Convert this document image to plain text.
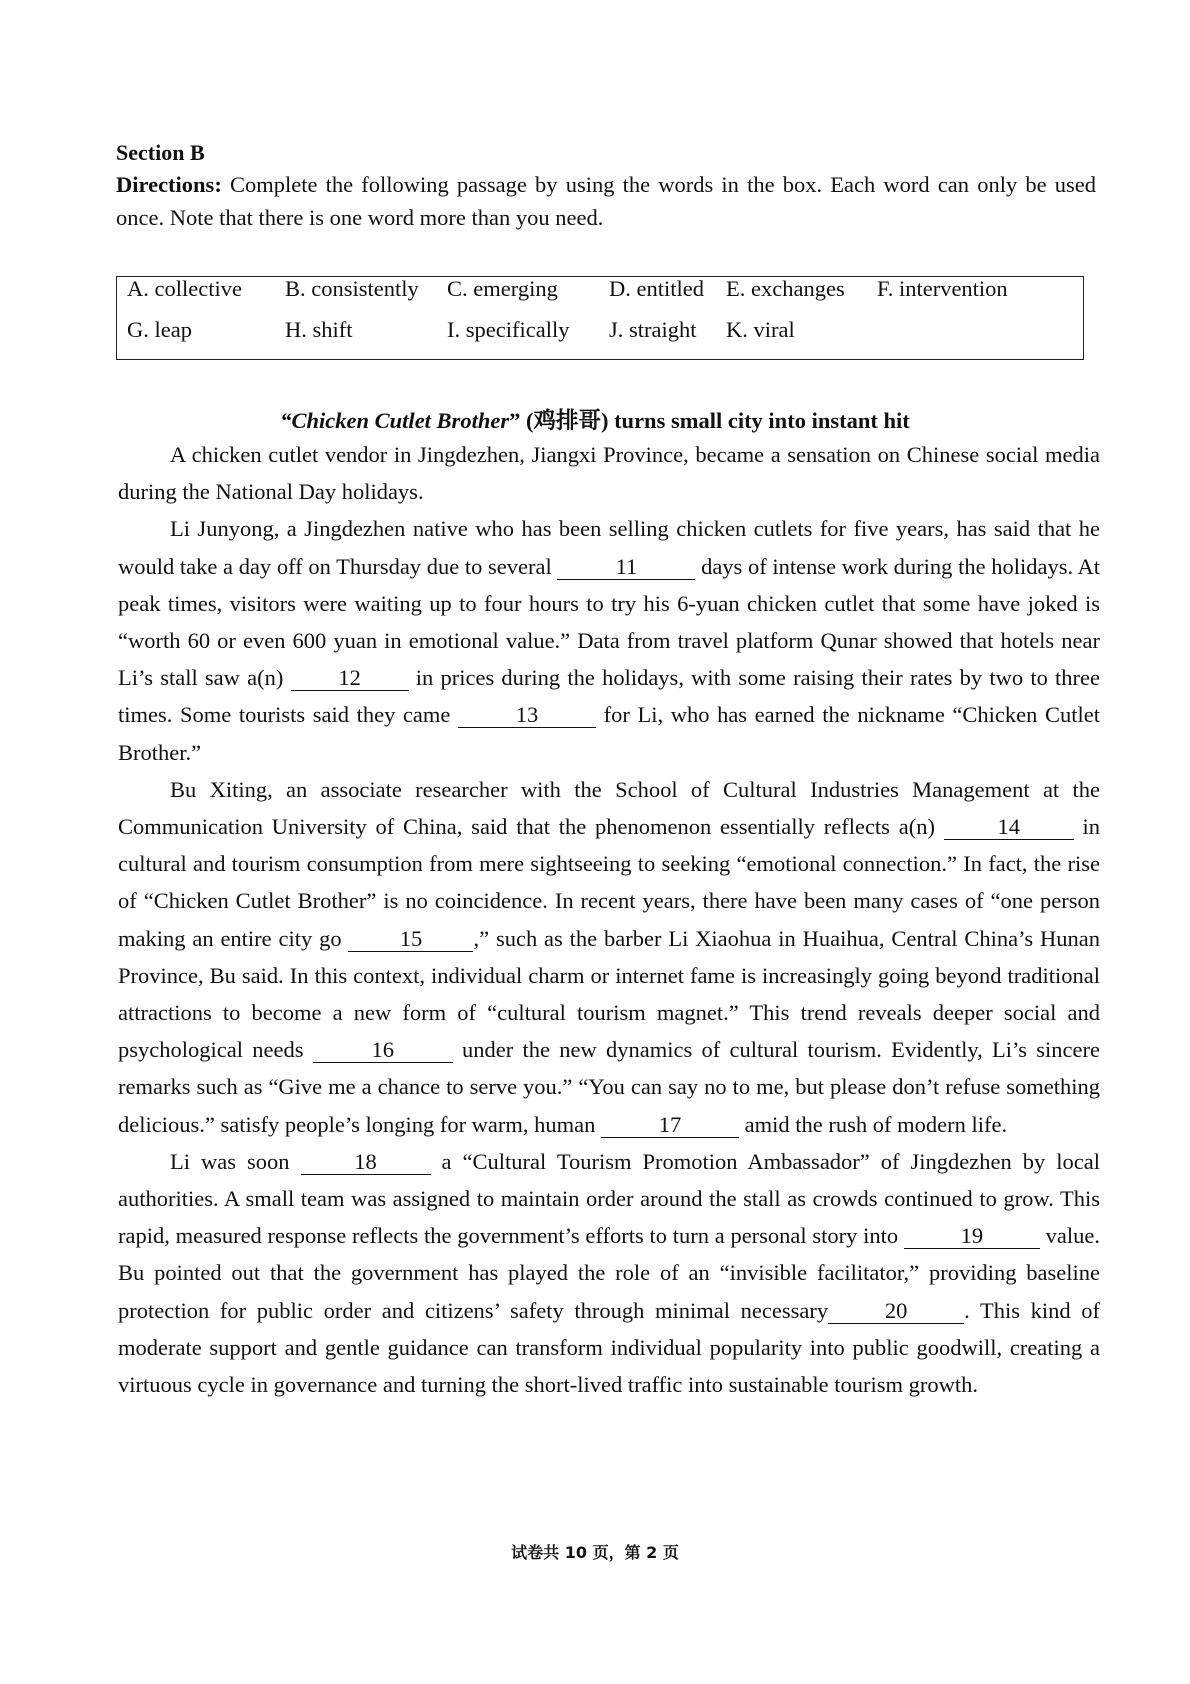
Section B
Directions: Complete the following passage by using the words in the box. Each word can only be used once. Note that there is one word more than you need.
A. collective B. consistently C. emerging D. entitled E. exchanges F. intervention
G. leap	H. shift	I. specifically J. straight K. viral
“Chicken Cutlet Brother” (鸡排哥) turns small city into instant hit

A chicken cutlet vendor in Jingdezhen, Jiangxi Province, became a sensation on Chinese social media during the National Day holidays.

Li Junyong, a Jingdezhen native who has been selling chicken cutlets for five years, has said that he would take a day off on Thursday due to several	11	days of intense work during the holidays. At peak times, visitors were waiting up to four hours to try his 6-yuan chicken cutlet that some have joked is “worth 60 or even 600 yuan in emotional value.” Data from travel platform Qunar showed that hotels near Li’s stall saw a(n) 12 in prices during the holidays, with some raising their rates by two to three times. Some tourists said they came	13	for Li, who has earned the nickname “Chicken Cutlet Brother.”

Bu Xiting, an associate researcher with the School of Cultural Industries Management at the Communication University of China, said that the phenomenon essentially reflects a(n) 14 in cultural and tourism consumption from mere sightseeing to seeking “emotional connection.” In fact, the rise of “Chicken Cutlet Brother” is no coincidence. In recent years, there have been many cases of “one person making an entire city go 15 ,” such as the barber Li Xiaohua in Huaihua, Central China’s Hunan Province, Bu said. In this context, individual charm or internet fame is increasingly going beyond traditional attractions to become a new form of “cultural tourism magnet.” This trend reveals deeper social and psychological needs	16	under the new dynamics of cultural tourism. Evidently, Li’s sincere remarks such as “Give me a chance to serve you.” “You can say no to me, but please don’t refuse something delicious.” satisfy people’s longing for warm, human	17	amid the rush of modern life.

Li was soon 18 a “Cultural Tourism Promotion Ambassador” of Jingdezhen by local authorities. A small team was assigned to maintain order around the stall as crowds continued to grow. This rapid, measured response reflects the government’s efforts to turn a personal story into	19	value. Bu pointed out that the government has played the role of an “invisible facilitator,” providing baseline protection for public order and citizens’ safety through minimal necessary	20	. This kind of moderate support and gentle guidance can transform individual popularity into public goodwill, creating a virtuous cycle in governance and turning the short-lived traffic into sustainable tourism growth.

试卷共 10 页，第 2 页
